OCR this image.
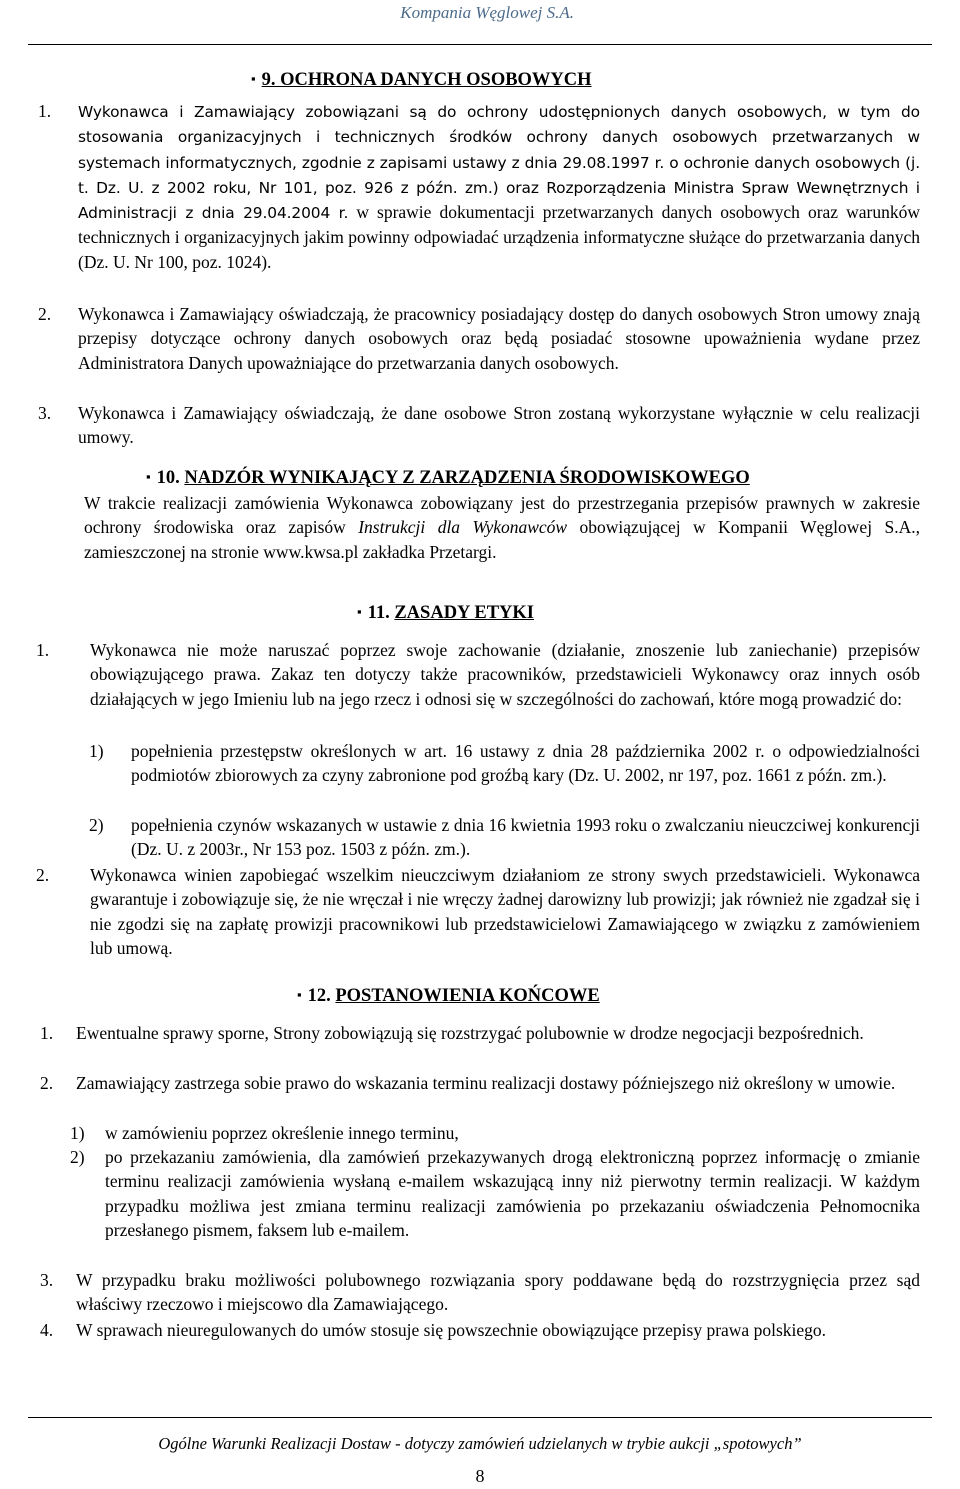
Kompania Węglowej S.A.
▪ 9. OCHRONA DANYCH OSOBOWYCH
1. Wykonawca i Zamawiający zobowiązani są do ochrony udostępnionych danych osobowych, w tym do stosowania organizacyjnych i technicznych środków ochrony danych osobowych przetwarzanych w systemach informatycznych, zgodnie z zapisami ustawy z dnia 29.08.1997 r. o ochronie danych osobowych (j. t. Dz. U. z 2002 roku, Nr 101, poz. 926 z późn. zm.) oraz Rozporządzenia Ministra Spraw Wewnętrznych i Administracji z dnia 29.04.2004 r. w sprawie dokumentacji przetwarzanych danych osobowych oraz warunków technicznych i organizacyjnych jakim powinny odpowiadać urządzenia informatyczne służące do przetwarzania danych (Dz. U. Nr 100, poz. 1024).
2. Wykonawca i Zamawiający oświadczają, że pracownicy posiadający dostęp do danych osobowych Stron umowy znają przepisy dotyczące ochrony danych osobowych oraz będą posiadać stosowne upoważnienia wydane przez Administratora Danych upoważniające do przetwarzania danych osobowych.
3. Wykonawca i Zamawiający oświadczają, że dane osobowe Stron zostaną wykorzystane wyłącznie w celu realizacji umowy.
▪ 10. NADZÓR WYNIKAJĄCY Z ZARZĄDZENIA ŚRODOWISKOWEGO
W trakcie realizacji zamówienia Wykonawca zobowiązany jest do przestrzegania przepisów prawnych w zakresie ochrony środowiska oraz zapisów Instrukcji dla Wykonawców obowiązującej w Kompanii Węglowej S.A., zamieszczonej na stronie www.kwsa.pl zakładka Przetargi.
▪ 11. ZASADY ETYKI
1. Wykonawca nie może naruszać poprzez swoje zachowanie (działanie, znoszenie lub zaniechanie) przepisów obowiązującego prawa. Zakaz ten dotyczy także pracowników, przedstawicieli Wykonawcy oraz innych osób działających w jego Imieniu lub na jego rzecz i odnosi się w szczególności do zachowań, które mogą prowadzić do:
1) popełnienia przestępstw określonych w art. 16 ustawy z dnia 28 października 2002 r. o odpowiedzialności podmiotów zbiorowych za czyny zabronione pod groźbą kary (Dz. U. 2002, nr 197, poz. 1661 z późn. zm.).
2) popełnienia czynów wskazanych w ustawie z dnia 16 kwietnia 1993 roku o zwalczaniu nieuczciwej konkurencji (Dz. U. z 2003r., Nr 153 poz. 1503 z późn. zm.).
2. Wykonawca winien zapobiegać wszelkim nieuczciwym działaniom ze strony swych przedstawicieli. Wykonawca gwarantuje i zobowiązuje się, że nie wręczał i nie wręczy żadnej darowizny lub prowizji; jak również nie zgadzał się i nie zgodzi się na zapłatę prowizji pracownikowi lub przedstawicielowi Zamawiającego w związku z zamówieniem lub umową.
▪ 12. POSTANOWIENIA KOŃCOWE
1. Ewentualne sprawy sporne, Strony zobowiązują się rozstrzygać polubownie w drodze negocjacji bezpośrednich.
2. Zamawiający zastrzega sobie prawo do wskazania terminu realizacji dostawy późniejszego niż określony w umowie.
1) w zamówieniu poprzez określenie innego terminu,
2) po przekazaniu zamówienia, dla zamówień przekazywanych drogą elektroniczną poprzez informację o zmianie terminu realizacji zamówienia wysłaną e-mailem wskazującą inny niż pierwotny termin realizacji. W każdym przypadku możliwa jest zmiana terminu realizacji zamówienia po przekazaniu oświadczenia Pełnomocnika przesłanego pismem, faksem lub e-mailem.
3. W przypadku braku możliwości polubownego rozwiązania spory poddawane będą do rozstrzygnięcia przez sąd właściwy rzeczowo i miejscowo dla Zamawiającego.
4. W sprawach nieuregulowanych do umów stosuje się powszechnie obowiązujące przepisy prawa polskiego.
Ogólne Warunki Realizacji Dostaw - dotyczy zamówień udzielanych w trybie aukcji „spotowych”
8
